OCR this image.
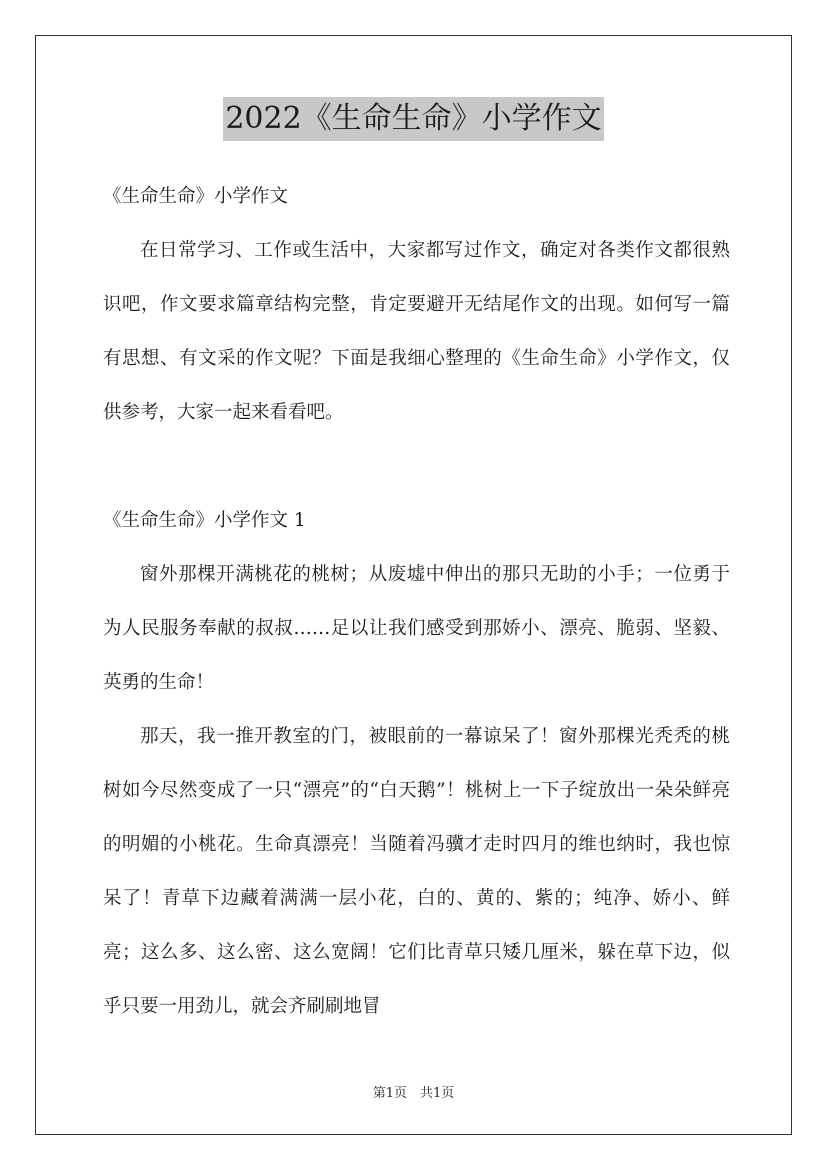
2022《生命生命》小学作文

《生命生命》小学作文

在日常学习、工作或生活中，大家都写过作文，确定对各类作文都很熟识吧，作文要求篇章结构完整，肯定要避开无结尾作文的出现。如何写一篇有思想、有文采的作文呢？下面是我细心整理的《生命生命》小学作文，仅供参考，大家一起来看看吧。

《生命生命》小学作文 1

窗外那棵开满桃花的桃树；从废墟中伸出的那只无助的小手；一位勇于为人民服务奉献的叔叔……足以让我们感受到那娇小、漂亮、脆弱、坚毅、英勇的生命！

那天，我一推开教室的门，被眼前的一幕谅呆了！窗外那棵光秃秃的桃树如今尽然变成了一只“漂亮”的“白天鹅”！桃树上一下子绽放出一朵朵鲜亮的明媚的小桃花。生命真漂亮！当随着冯骥才走时四月的维也纳时，我也惊呆了！青草下边藏着满满一层小花，白的、黄的、紫的；纯净、娇小、鲜亮；这么多、这么密、这么宽阔！它们比青草只矮几厘米，躲在草下边，似乎只要一用劲儿，就会齐刷刷地冒

第1页　共1页
